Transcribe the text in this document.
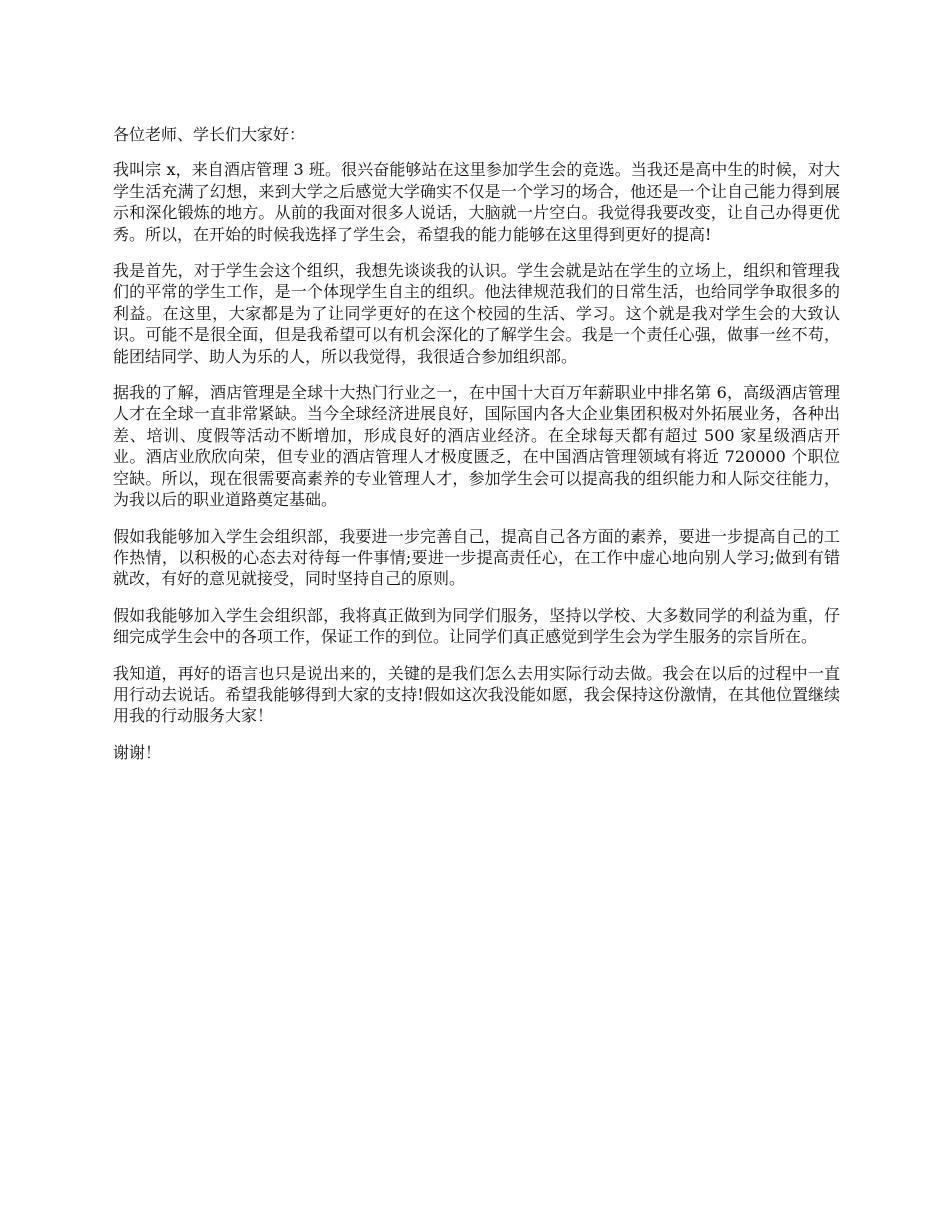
各位老师、学长们大家好：

我叫宗 x，来自酒店管理 3 班。很兴奋能够站在这里参加学生会的竞选。当我还是高中生的时候，对大学生活充满了幻想，来到大学之后感觉大学确实不仅是一个学习的场合，他还是一个让自己能力得到展示和深化锻炼的地方。从前的我面对很多人说话，大脑就一片空白。我觉得我要改变，让自己办得更优秀。所以，在开始的时候我选择了学生会，希望我的能力能够在这里得到更好的提高!

我是首先，对于学生会这个组织，我想先谈谈我的认识。学生会就是站在学生的立场上，组织和管理我们的平常的学生工作，是一个体现学生自主的组织。他法律规范我们的日常生活，也给同学争取很多的利益。在这里，大家都是为了让同学更好的在这个校园的生活、学习。这个就是我对学生会的大致认识。可能不是很全面，但是我希望可以有机会深化的了解学生会。我是一个责任心强，做事一丝不苟，能团结同学、助人为乐的人，所以我觉得，我很适合参加组织部。

据我的了解，酒店管理是全球十大热门行业之一，在中国十大百万年薪职业中排名第 6，高级酒店管理人才在全球一直非常紧缺。当今全球经济进展良好，国际国内各大企业集团积极对外拓展业务，各种出差、培训、度假等活动不断增加，形成良好的酒店业经济。在全球每天都有超过 500 家星级酒店开业。酒店业欣欣向荣，但专业的酒店管理人才极度匮乏，在中国酒店管理领域有将近 720000 个职位空缺。所以，现在很需要高素养的专业管理人才，参加学生会可以提高我的组织能力和人际交往能力，为我以后的职业道路奠定基础。

假如我能够加入学生会组织部，我要进一步完善自己，提高自己各方面的素养，要进一步提高自己的工作热情，以积极的心态去对待每一件事情;要进一步提高责任心，在工作中虚心地向别人学习;做到有错就改，有好的意见就接受，同时坚持自己的原则。

假如我能够加入学生会组织部，我将真正做到为同学们服务，坚持以学校、大多数同学的利益为重，仔细完成学生会中的各项工作，保证工作的到位。让同学们真正感觉到学生会为学生服务的宗旨所在。

我知道，再好的语言也只是说出来的，关键的是我们怎么去用实际行动去做。我会在以后的过程中一直用行动去说话。希望我能够得到大家的支持!假如这次我没能如愿，我会保持这份激情，在其他位置继续用我的行动服务大家！

谢谢！
